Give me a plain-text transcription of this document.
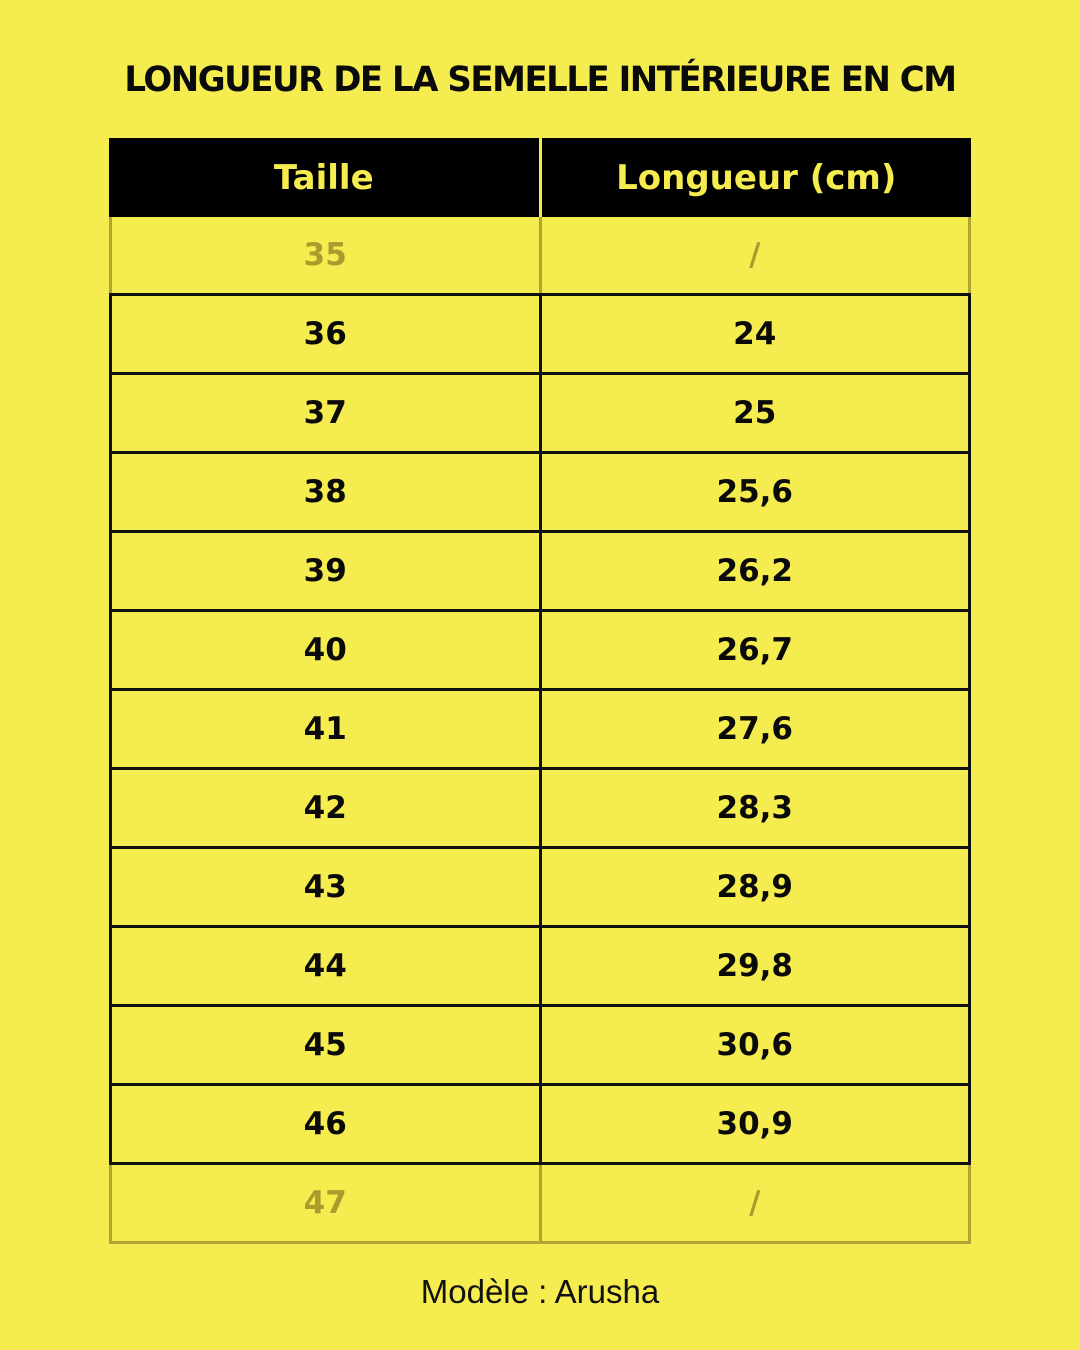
LONGUEUR DE LA SEMELLE INTÉRIEURE EN CM
Taille	Longueur (cm)
35	/
36	24
37	25
38	25,6
39	26,2
40	26,7
41	27,6
42	28,3
43	28,9
44	29,8
45	30,6
46	30,9
47	/
Modèle : Arusha
